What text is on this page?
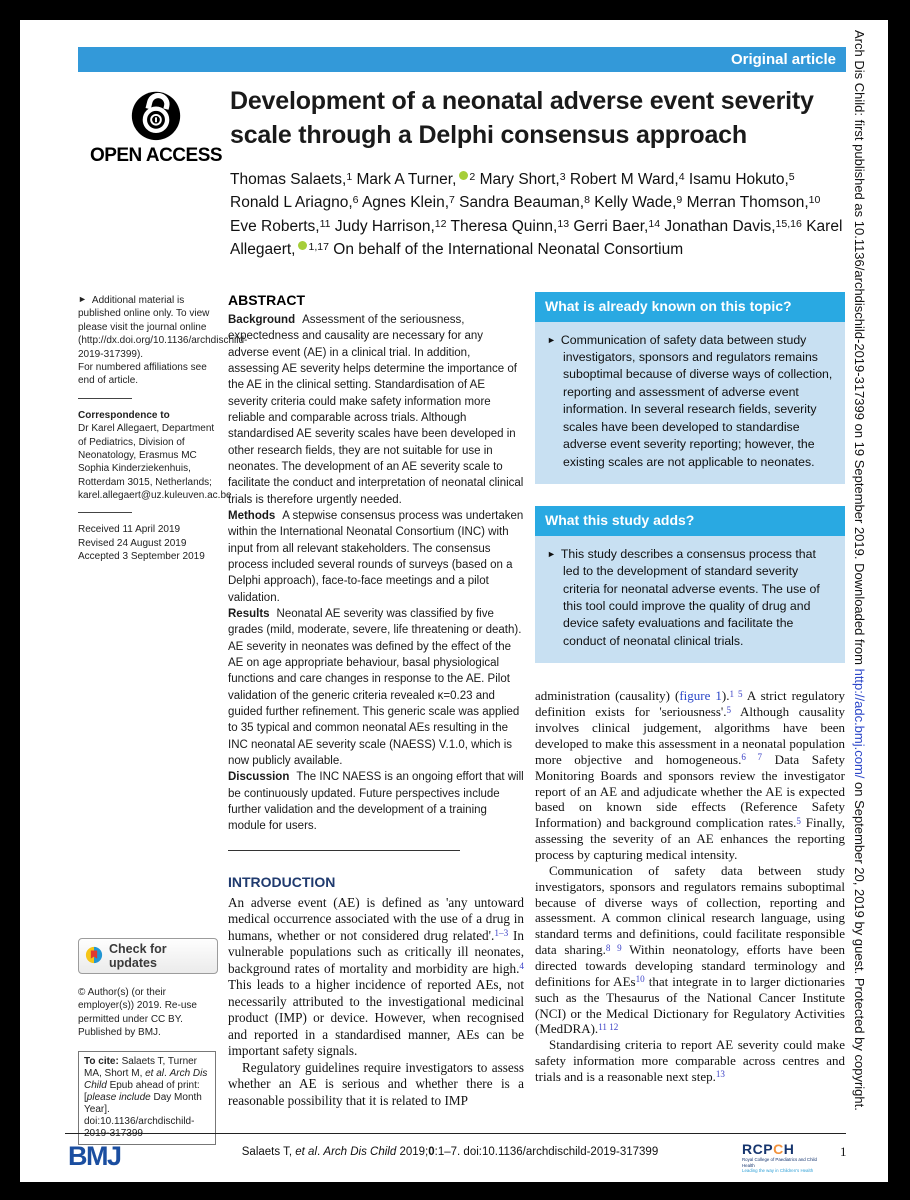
Original article
OPEN ACCESS
Development of a neonatal adverse event severity scale through a Delphi consensus approach
Thomas Salaets,$^1$ Mark A Turner, $^2$ Mary Short,$^3$ Robert M Ward,$^4$ Isamu Hokuto,$^5$ Ronald L Ariagno,$^6$ Agnes Klein,$^7$ Sandra Beauman,$^8$ Kelly Wade,$^9$ Merran Thomson,$^{10}$ Eve Roberts,$^{11}$ Judy Harrison,$^{12}$ Theresa Quinn,$^{13}$ Gerri Baer,$^{14}$ Jonathan Davis,$^{15,16}$ Karel Allegaert, $^{1,17}$ On behalf of the International Neonatal Consortium

► Additional material is published online only. To view please visit the journal online (http://dx.doi.org/10.1136/archdischild-2019-317399).

For numbered affiliations see end of article.

Correspondence to

Dr Karel Allegaert, Department of Pediatrics, Division of Neonatology, Erasmus MC Sophia Kinderziekenhuis, Rotterdam 3015, Netherlands; karel.allegaert@uz.kuleuven.ac.be

Received 11 April 2019

Revised 24 August 2019

Accepted 3 September 2019

Check for updates

© Author(s) (or their employer(s)) 2019. Re-use permitted under CC BY. Published by BMJ.

To cite: Salaets T, Turner MA, Short M, et al. Arch Dis Child Epub ahead of print: [please include Day Month Year]. doi:10.1136/archdischild-2019-317399
ABSTRACT

Background Assessment of the seriousness, expectedness and causality are necessary for any adverse event (AE) in a clinical trial. In addition, assessing AE severity helps determine the importance of the AE in the clinical setting. Standardisation of AE severity criteria could make safety information more reliable and comparable across trials. Although standardised AE severity scales have been developed in other research fields, they are not suitable for use in neonates. The development of an AE severity scale to facilitate the conduct and interpretation of neonatal clinical trials is therefore urgently needed.

Methods A stepwise consensus process was undertaken within the International Neonatal Consortium (INC) with input from all relevant stakeholders. The consensus process included several rounds of surveys (based on a Delphi approach), face-to-face meetings and a pilot validation.

Results Neonatal AE severity was classified by five grades (mild, moderate, severe, life threatening or death). AE severity in neonates was defined by the effect of the AE on age appropriate behaviour, basal physiological functions and care changes in response to the AE. Pilot validation of the generic criteria revealed κ=0.23 and guided further refinement. This generic scale was applied to 35 typical and common neonatal AEs resulting in the INC neonatal AE severity scale (NAESS) V.1.0, which is now publicly available.

Discussion The INC NAESS is an ongoing effort that will be continuously updated. Future perspectives include further validation and the development of a training module for users.

INTRODUCTION

An adverse event (AE) is defined as 'any untoward medical occurrence associated with the use of a drug in humans, whether or not considered drug related'.$^{1-3}$ In vulnerable populations such as critically ill neonates, background rates of mortality and morbidity are high.$^4$ This leads to a higher incidence of reported AEs, not necessarily attributed to the investigational medicinal product (IMP) or device. However, when recognised and reported in a standardised manner, AEs can be important safety signals.

Regulatory guidelines require investigators to assess whether an AE is serious and whether there is a reasonable possibility that it is related to IMP

What is already known on this topic?

► Communication of safety data between study investigators, sponsors and regulators remains suboptimal because of diverse ways of collection, reporting and assessment of adverse event information. In several research fields, severity scales have been developed to standardise adverse event severity reporting; however, the existing scales are not applicable to neonates.

What this study adds?

► This study describes a consensus process that led to the development of standard severity criteria for neonatal adverse events. The use of this tool could improve the quality of drug and device safety evaluations and facilitate the conduct of neonatal clinical trials.

administration (causality) (figure 1).$^{1 5}$ A strict regulatory definition exists for 'seriousness'.$^5$ Although causality involves clinical judgement, algorithms have been developed to make this assessment in a neonatal population more objective and homogeneous.$^{6 7}$ Data Safety Monitoring Boards and sponsors review the investigator report of an AE and adjudicate whether the AE is expected based on known side effects (Reference Safety Information) and background complication rates.$^5$ Finally, assessing the severity of an AE enhances the reporting process by capturing medical intensity.

Communication of safety data between study investigators, sponsors and regulators remains suboptimal because of diverse ways of collection, reporting and assessment. A common clinical research language, using standard terms and definitions, could facilitate responsible data sharing.$^{8 9}$ Within neonatology, efforts have been directed towards developing standard terminology and definitions for AEs$^{10}$ that integrate in to larger dictionaries such as the Thesaurus of the National Cancer Institute (NCI) or the Medical Dictionary for Regulatory Activities (MedDRA).$^{11 12}$

Standardising criteria to report AE severity could make safety information more comparable across centres and trials and is a reasonable next step.$^{13}$

BMJ	Salaets T, et al. Arch Dis Child 2019;0:1–7. doi:10.1136/archdischild-2019-317399	RCPCH
Royal College of Paediatrics and Child Health
Leading the way in Children's Health
1
Arch Dis Child: first published as 10.1136/archdischild-2019-317399 on 19 September 2019. Downloaded from http://adc.bmj.com/ on September 20, 2019 by guest. Protected by copyright.
